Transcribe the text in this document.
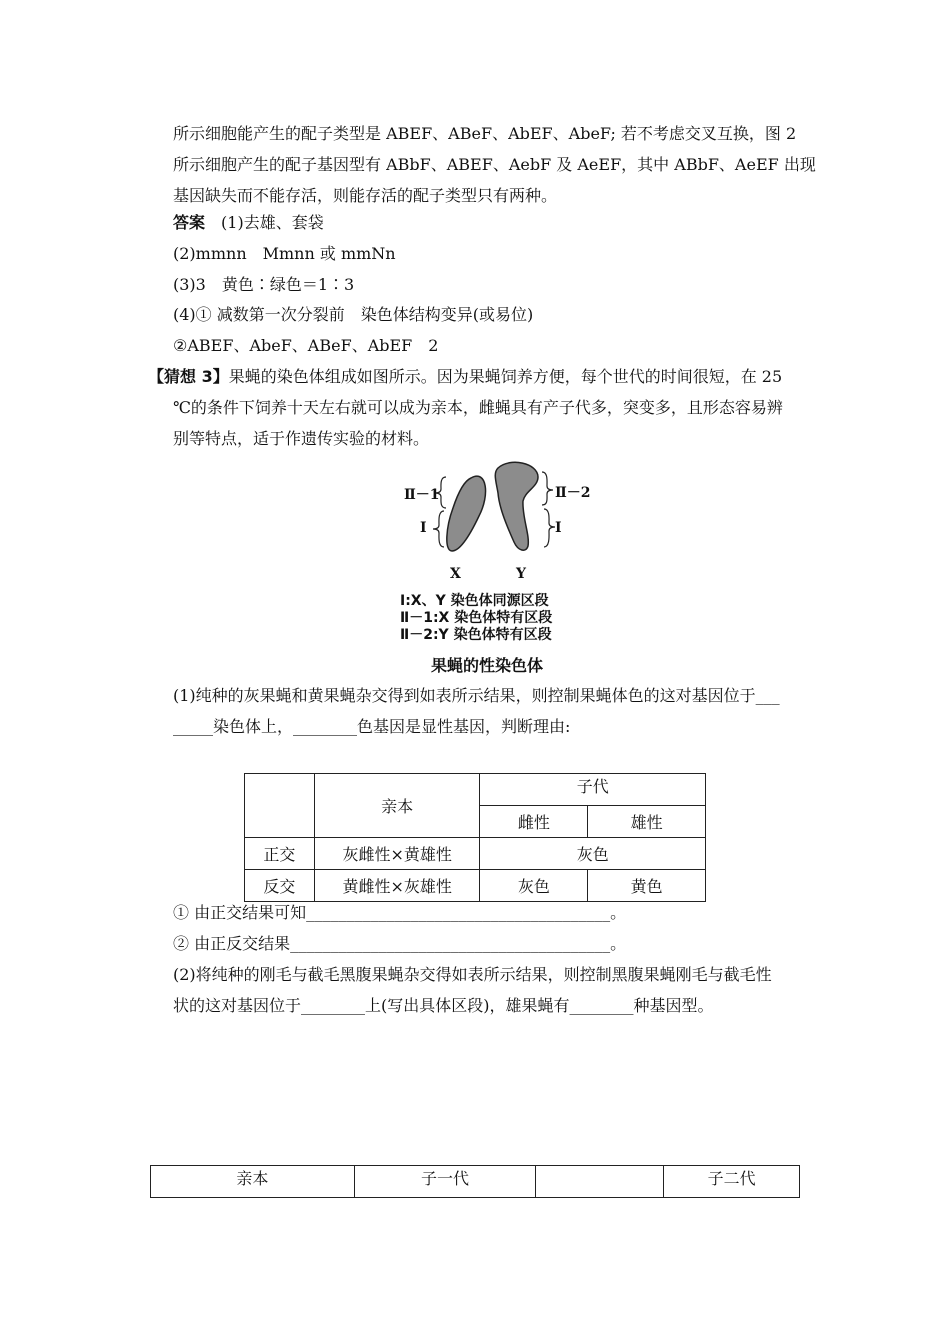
所示细胞能产生的配子类型是 ABEF、ABeF、AbEF、AbeF; 若不考虑交叉互换，图 2
所示细胞产生的配子基因型有 ABbF、ABEF、AebF 及 AeEF，其中 ABbF、AeEF 出现
基因缺失而不能存活，则能存活的配子类型只有两种。
答案　 (1)去雄、套袋
(2)mmnn　Mmnn 或 mmNn
(3)3　黄色∶绿色＝1∶3
(4)① 减数第一次分裂前　染色体结构变异(或易位)
②ABEF、AbeF、ABeF、AbEF　2
【猜想 3】果蝇的染色体组成如图所示。因为果蝇饲养方便，每个世代的时间很短，在 25
℃的条件下饲养十天左右就可以成为亲本，雌蝇具有产子代多，突变多，且形态容易辨
别等特点，适于作遗传实验的材料。
Ⅱ－1
Ⅰ
Ⅱ－2
Ⅰ
X	Y
Ⅰ:X、Y 染色体同源区段
Ⅱ－1:X 染色体特有区段
Ⅱ－2:Y 染色体特有区段
果蝇的性染色体
(1)纯种的灰果蝇和黄果蝇杂交得到如表所示结果，则控制果蝇体色的这对基因位于___
_____染色体上，________色基因是显性基因，判断理由:
	亲本	子代	
		雌性	雄性
正交	灰雌性×黄雄性	灰色	
反交	黄雌性×灰雄性	灰色	黄色
① 由正交结果可知______________________________________。
② 由正反交结果________________________________________。
(2)将纯种的刚毛与截毛黑腹果蝇杂交得如表所示结果，则控制黑腹果蝇刚毛与截毛性
状的这对基因位于________上(写出具体区段)，雄果蝇有________种基因型。
亲本	子一代		子二代
